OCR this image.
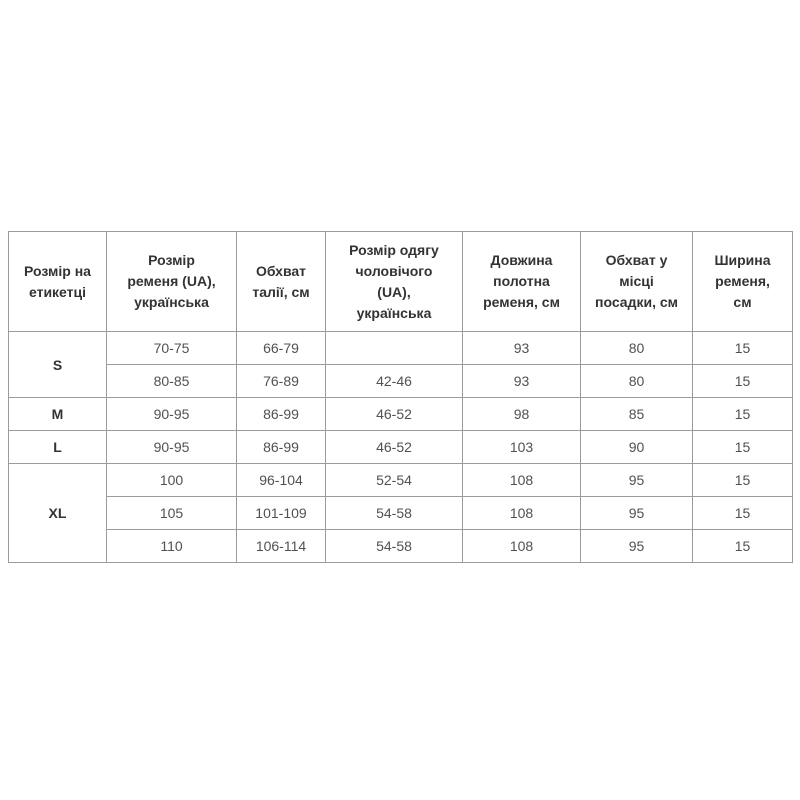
Розмір на етикетці	Розмір ременя (UA), українська	Обхват талії, см	Розмір одягу чоловічого (UA), українська	Довжина полотна ременя, см	Обхват у місці посадки, см	Ширина ременя, см
S	70-75	66-79		93	80	15
	80-85	76-89	42-46	93	80	15
M	90-95	86-99	46-52	98	85	15
L	90-95	86-99	46-52	103	90	15
XL	100	96-104	52-54	108	95	15
	105	101-109	54-58	108	95	15
	110	106-114	54-58	108	95	15
